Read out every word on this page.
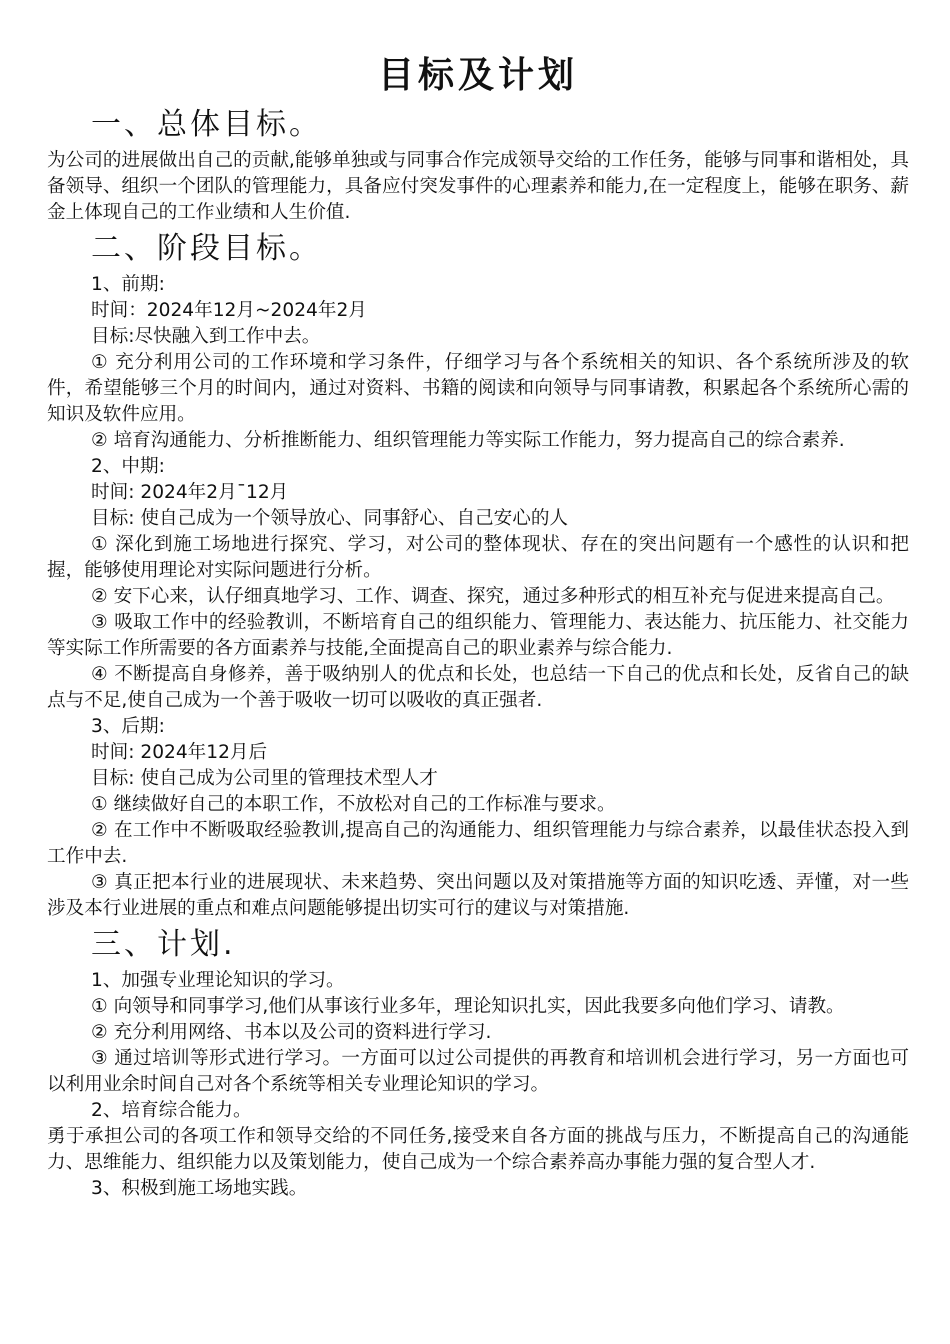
目标及计划
一、总体目标。
为公司的进展做出自己的贡献,能够单独或与同事合作完成领导交给的工作任务，能够与同事和谐相处，具备领导、组织一个团队的管理能力，具备应付突发事件的心理素养和能力,在一定程度上，能够在职务、薪金上体现自己的工作业绩和人生价值.
二、阶段目标。
1、前期:
时间：2024年12月~2024年2月
目标:尽快融入到工作中去。
① 充分利用公司的工作环境和学习条件，仔细学习与各个系统相关的知识、各个系统所涉及的软件，希望能够三个月的时间内，通过对资料、书籍的阅读和向领导与同事请教，积累起各个系统所心需的知识及软件应用。
② 培育沟通能力、分析推断能力、组织管理能力等实际工作能力，努力提高自己的综合素养.
2、中期:
时间: 2024年2月¯12月
目标: 使自己成为一个领导放心、同事舒心、自己安心的人
① 深化到施工场地进行探究、学习，对公司的整体现状、存在的突出问题有一个感性的认识和把握，能够使用理论对实际问题进行分析。
② 安下心来，认仔细真地学习、工作、调查、探究，通过多种形式的相互补充与促进来提高自己。
③ 吸取工作中的经验教训，不断培育自己的组织能力、管理能力、表达能力、抗压能力、社交能力等实际工作所需要的各方面素养与技能,全面提高自己的职业素养与综合能力.
④ 不断提高自身修养，善于吸纳别人的优点和长处，也总结一下自己的优点和长处，反省自己的缺点与不足,使自己成为一个善于吸收一切可以吸收的真正强者.
3、后期:
时间: 2024年12月后
目标: 使自己成为公司里的管理技术型人才
① 继续做好自己的本职工作，不放松对自己的工作标准与要求。
② 在工作中不断吸取经验教训,提高自己的沟通能力、组织管理能力与综合素养，以最佳状态投入到工作中去.
③ 真正把本行业的进展现状、未来趋势、突出问题以及对策措施等方面的知识吃透、弄懂，对一些涉及本行业进展的重点和难点问题能够提出切实可行的建议与对策措施.
三、计划.
1、加强专业理论知识的学习。
① 向领导和同事学习,他们从事该行业多年，理论知识扎实，因此我要多向他们学习、请教。
② 充分利用网络、书本以及公司的资料进行学习.
③ 通过培训等形式进行学习。一方面可以过公司提供的再教育和培训机会进行学习，另一方面也可以利用业余时间自己对各个系统等相关专业理论知识的学习。
2、培育综合能力。
勇于承担公司的各项工作和领导交给的不同任务,接受来自各方面的挑战与压力，不断提高自己的沟通能力、思维能力、组织能力以及策划能力，使自己成为一个综合素养高办事能力强的复合型人才.
3、积极到施工场地实践。
